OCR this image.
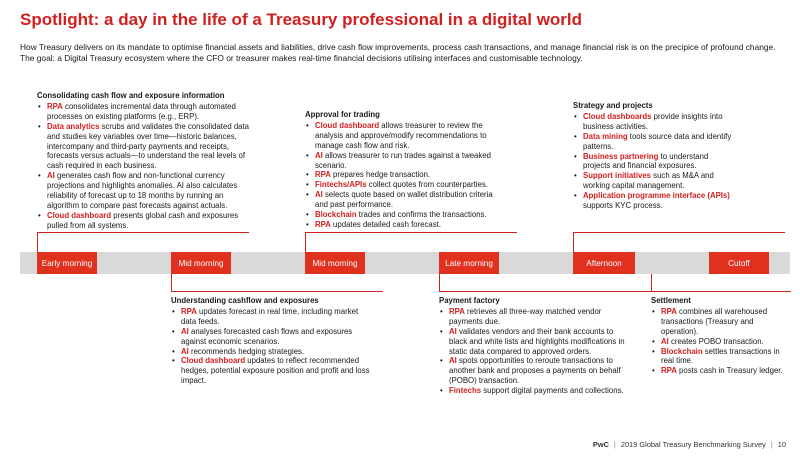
Spotlight: a day in the life of a Treasury professional in a digital world

How Treasury delivers on its mandate to optimise financial assets and liabilities, drive cash flow improvements, process cash transactions, and manage financial risk is on the precipice of profound change.

The goal: a Digital Treasury ecosystem where the CFO or treasurer makes real-time financial decisions utilising interfaces and customisable technology.

Early morning	Mid morning	Mid morning	Late morning	Afternoon	Cutoff
Consolidating cash flow and exposure information
• RPA consolidates incremental data through automated processes on existing platforms (e.g., ERP).
• Data analytics scrubs and validates the consolidated data and studies key variables over time—historic balances, intercompany and third-party payments and receipts, forecasts versus actuals—to understand the real levels of cash required in each business.
• AI generates cash flow and non-functional currency projections and highlights anomalies. AI also calculates reliability of forecast up to 18 months by running an algorithm to compare past forecasts against actuals.
• Cloud dashboard presents global cash and exposures pulled from all systems.
Approval for trading
• Cloud dashboard allows treasurer to review the analysis and approve/modify recommendations to manage cash flow and risk.
• AI allows treasurer to run trades against a tweaked scenario.
• RPA prepares hedge transaction.
• Fintechs/APIs collect quotes from counterparties.
• AI selects quote based on wallet distribution criteria and past performance.
• Blockchain trades and confirms the transactions.
• RPA updates detailed cash forecast.
Strategy and projects
• Cloud dashboards provide insights into business activities.
• Data mining tools source data and identify patterns.
• Business partnering to understand projects and financial exposures.
• Support initiatives such as M&A and working capital management.
• Application programme interface (APIs) supports KYC process.
Understanding cashflow and exposures
• RPA updates forecast in real time, including market data feeds.
• AI analyses forecasted cash flows and exposures against economic scenarios.
• AI recommends hedging strategies.
• Cloud dashboard updates to reflect recommended hedges, potential exposure position and profit and loss impact.
Payment factory
• RPA retrieves all three-way matched vendor payments due.
• AI validates vendors and their bank accounts to black and white lists and highlights modifications in static data compared to approved orders.
• AI spots opportunities to reroute transactions to another bank and proposes a payments on behalf (POBO) transaction.
• Fintechs support digital payments and collections.
Settlement
• RPA combines all warehoused transactions (Treasury and operation).
• AI creates POBO transaction.
• Blockchain settles transactions in real time.
• RPA posts cash in Treasury ledger.
PwC | 2019 Global Treasury Benchmarking Survey | 10
